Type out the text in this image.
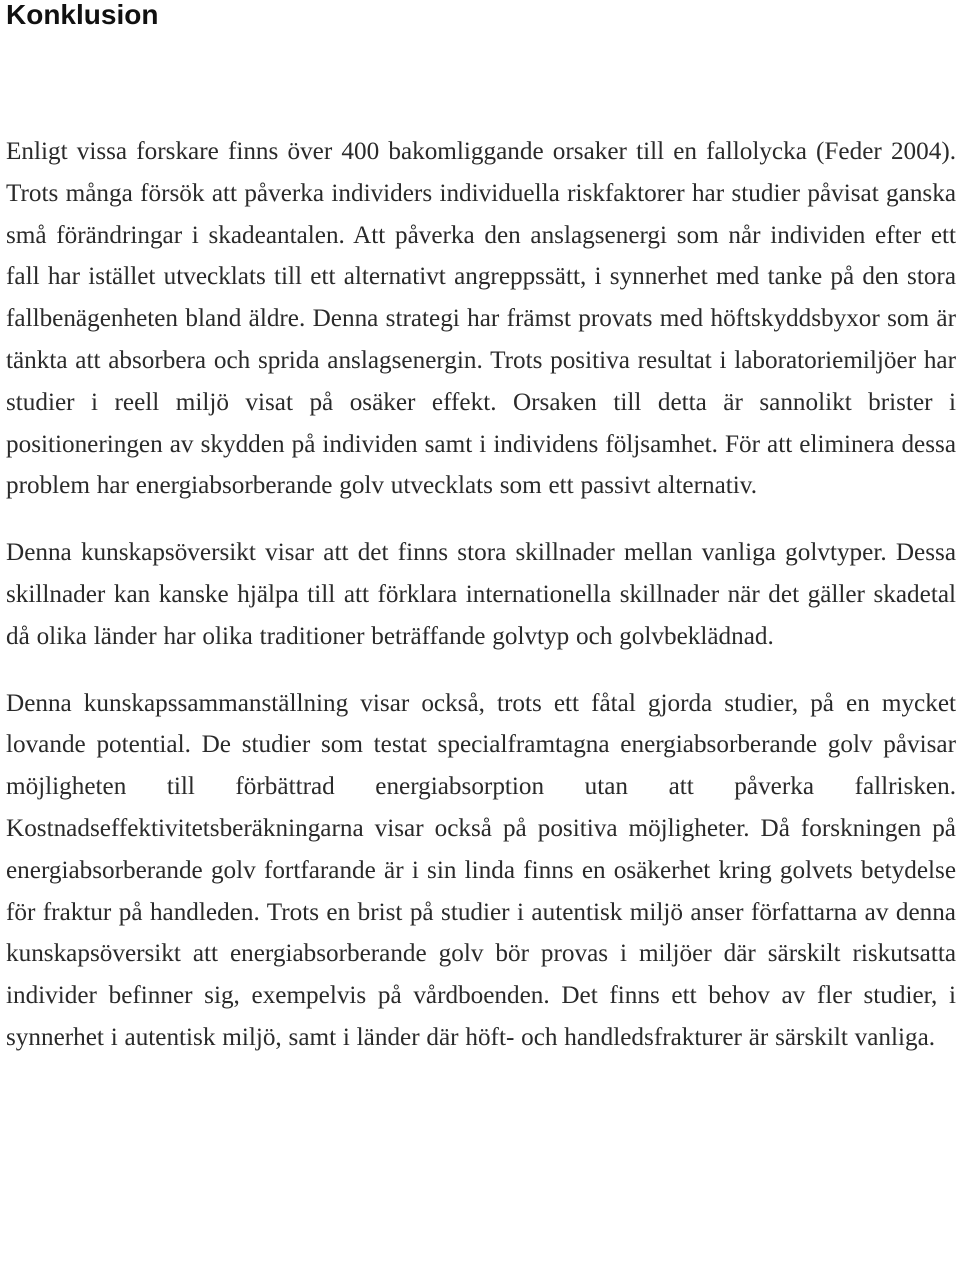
Konklusion

Enligt vissa forskare finns över 400 bakomliggande orsaker till en fallolycka (Feder 2004). Trots många försök att påverka individers individuella riskfaktorer har studier påvisat ganska små förändringar i skadeantalen. Att påverka den anslagsenergi som når individen efter ett fall har istället utvecklats till ett alternativt angreppssätt, i synnerhet med tanke på den stora fallbenägenheten bland äldre. Denna strategi har främst provats med höftskyddsbyxor som är tänkta att absorbera och sprida anslagsenergin. Trots positiva resultat i laboratoriemiljöer har studier i reell miljö visat på osäker effekt. Orsaken till detta är sannolikt brister i positioneringen av skydden på individen samt i individens följsamhet. För att eliminera dessa problem har energiabsorberande golv utvecklats som ett passivt alternativ.

Denna kunskapsöversikt visar att det finns stora skillnader mellan vanliga golvtyper. Dessa skillnader kan kanske hjälpa till att förklara internationella skillnader när det gäller skadetal då olika länder har olika traditioner beträffande golvtyp och golvbeklädnad.

Denna kunskapssammanställning visar också, trots ett fåtal gjorda studier, på en mycket lovande potential. De studier som testat specialframtagna energiabsorberande golv påvisar möjligheten till förbättrad energiabsorption utan att påverka fallrisken. Kostnadseffektivitetsberäkningarna visar också på positiva möjligheter. Då forskningen på energiabsorberande golv fortfarande är i sin linda finns en osäkerhet kring golvets betydelse för fraktur på handleden. Trots en brist på studier i autentisk miljö anser författarna av denna kunskapsöversikt att energiabsorberande golv bör provas i miljöer där särskilt riskutsatta individer befinner sig, exempelvis på vårdboenden. Det finns ett behov av fler studier, i synnerhet i autentisk miljö, samt i länder där höft- och handledsfrakturer är särskilt vanliga.
